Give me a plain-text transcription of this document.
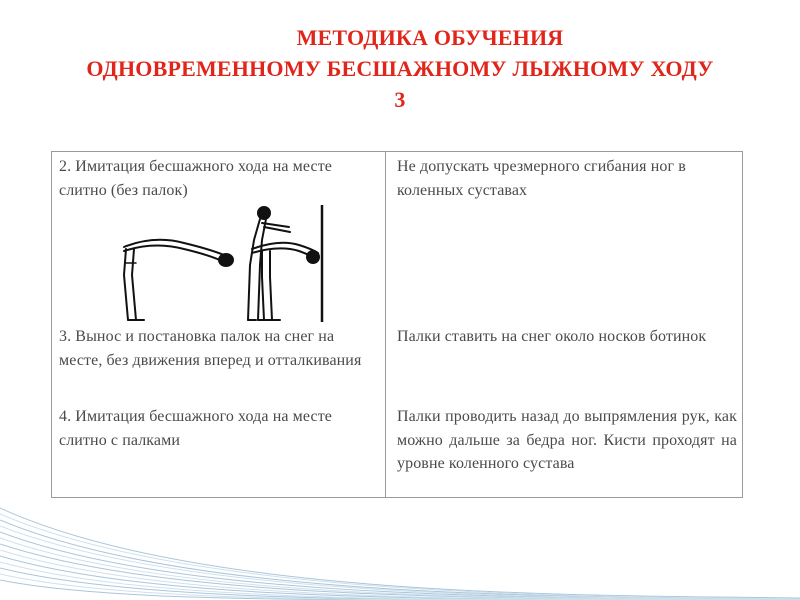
МЕТОДИКА ОБУЧЕНИЯ
ОДНОВРЕМЕННОМУ БЕСШАЖНОМУ ЛЫЖНОМУ ХОДУ
3
2. Имитация бесшажного хода на месте слитно (без палок)
Не допускать чрезмерного сгибания ног в коленных суставах
3. Вынос и постановка палок на снег на месте, без движения вперед и отталкивания
Палки ставить на снег около носков ботинок
4. Имитация бесшажного хода на месте слитно с палками
Палки проводить назад до выпрямления рук, как можно дальше за бедра ног. Кисти проходят на уровне коленного сустава
